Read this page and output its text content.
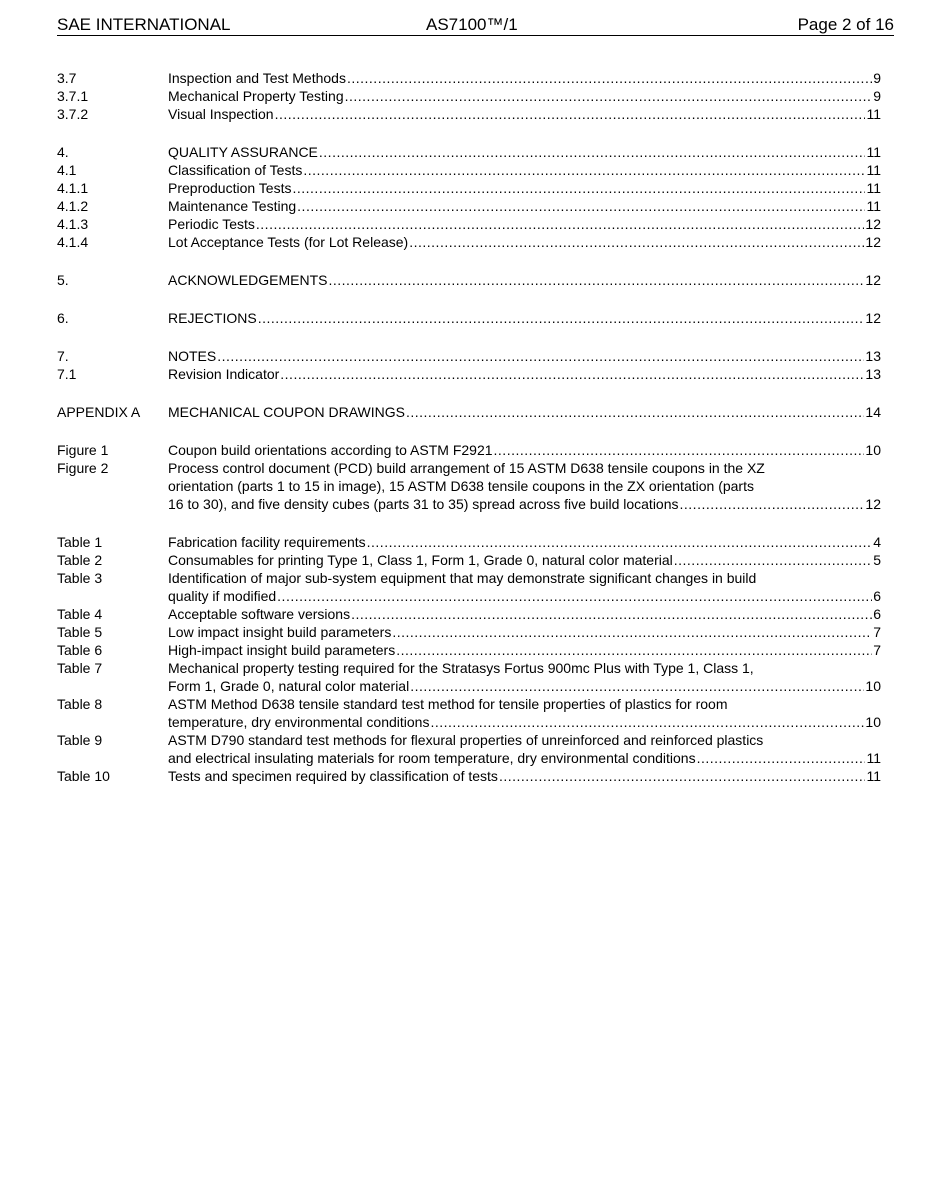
SAE INTERNATIONAL	AS7100™/1	Page 2 of 16
3.7	Inspection and Test Methods .....	9
3.7.1	Mechanical Property Testing .....	9
3.7.2	Visual Inspection .....	11
4.	QUALITY ASSURANCE .....	11
4.1	Classification of Tests .....	11
4.1.1	Preproduction Tests .....	11
4.1.2	Maintenance Testing .....	11
4.1.3	Periodic Tests .....	12
4.1.4	Lot Acceptance Tests (for Lot Release) .....	12
5.	ACKNOWLEDGEMENTS .....	12
6.	REJECTIONS .....	12
7.	NOTES .....	13
7.1	Revision Indicator .....	13
APPENDIX A	MECHANICAL COUPON DRAWINGS .....	14
Figure 1	Coupon build orientations according to ASTM F2921 .....	10
Figure 2	Process control document (PCD) build arrangement of 15 ASTM D638 tensile coupons in the XZ
orientation (parts 1 to 15 in image), 15 ASTM D638 tensile coupons in the ZX orientation (parts
16 to 30), and five density cubes (parts 31 to 35) spread across five build locations .....	12
Table 1	Fabrication facility requirements .....	4
Table 2	Consumables for printing Type 1, Class 1, Form 1, Grade 0, natural color material .....	5
Table 3	Identification of major sub-system equipment that may demonstrate significant changes in build
quality if modified .....	6
Table 4	Acceptable software versions .....	6
Table 5	Low impact insight build parameters .....	7
Table 6	High-impact insight build parameters .....	7
Table 7	Mechanical property testing required for the Stratasys Fortus 900mc Plus with Type 1, Class 1,
Form 1, Grade 0, natural color material .....	10
Table 8	ASTM Method D638 tensile standard test method for tensile properties of plastics for room
temperature, dry environmental conditions .....	10
Table 9	ASTM D790 standard test methods for flexural properties of unreinforced and reinforced plastics
and electrical insulating materials for room temperature, dry environmental conditions .....	11
Table 10	Tests and specimen required by classification of tests .....	11
